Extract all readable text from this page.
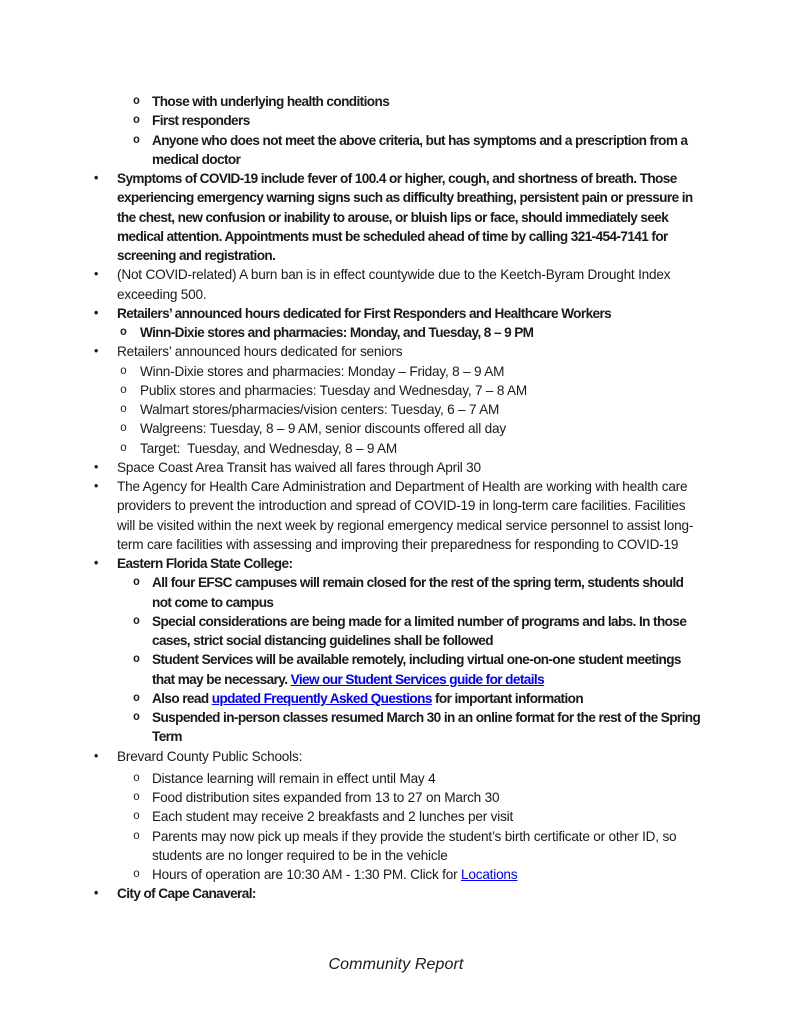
o Those with underlying health conditions
o First responders
o Anyone who does not meet the above criteria, but has symptoms and a prescription from a medical doctor
•	Symptoms of COVID-19 include fever of 100.4 or higher, cough, and shortness of breath. Those experiencing emergency warning signs such as difficulty breathing, persistent pain or pressure in the chest, new confusion or inability to arouse, or bluish lips or face, should immediately seek medical attention. Appointments must be scheduled ahead of time by calling 321-454-7141 for screening and registration.
•	(Not COVID-related) A burn ban is in effect countywide due to the Keetch-Byram Drought Index exceeding 500.
•	Retailers’ announced hours dedicated for First Responders and Healthcare Workers
o Winn-Dixie stores and pharmacies: Monday, and Tuesday, 8 – 9 PM
•	Retailers’ announced hours dedicated for seniors
o Winn-Dixie stores and pharmacies: Monday – Friday, 8 – 9 AM
o Publix stores and pharmacies: Tuesday and Wednesday, 7 – 8 AM
o Walmart stores/pharmacies/vision centers: Tuesday, 6 – 7 AM
o Walgreens: Tuesday, 8 – 9 AM, senior discounts offered all day
o Target:  Tuesday, and Wednesday, 8 – 9 AM
•	Space Coast Area Transit has waived all fares through April 30
•	The Agency for Health Care Administration and Department of Health are working with health care providers to prevent the introduction and spread of COVID-19 in long-term care facilities. Facilities will be visited within the next week by regional emergency medical service personnel to assist long-term care facilities with assessing and improving their preparedness for responding to COVID-19
•	Eastern Florida State College:
o All four EFSC campuses will remain closed for the rest of the spring term, students should not come to campus
o Special considerations are being made for a limited number of programs and labs. In those cases, strict social distancing guidelines shall be followed
o Student Services will be available remotely, including virtual one-on-one student meetings that may be necessary. View our Student Services guide for details
o Also read updated Frequently Asked Questions for important information
o Suspended in-person classes resumed March 30 in an online format for the rest of the Spring Term
•	Brevard County Public Schools:
o Distance learning will remain in effect until May 4
o Food distribution sites expanded from 13 to 27 on March 30
o Each student may receive 2 breakfasts and 2 lunches per visit
o Parents may now pick up meals if they provide the student’s birth certificate or other ID, so students are no longer required to be in the vehicle
o Hours of operation are 10:30 AM - 1:30 PM. Click for Locations
•	City of Cape Canaveral:
Community Report
